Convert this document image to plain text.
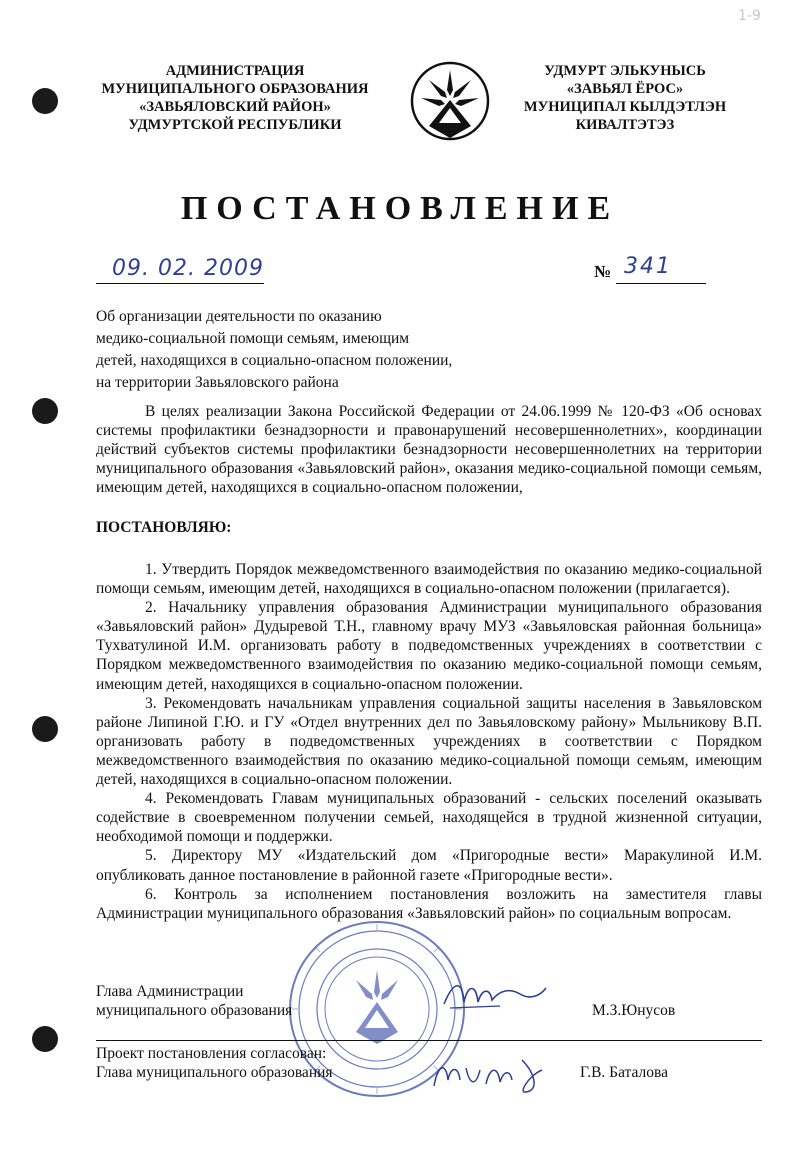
1-9
АДМИНИСТРАЦИЯ
МУНИЦИПАЛЬНОГО ОБРАЗОВАНИЯ
«ЗАВЬЯЛОВСКИЙ РАЙОН»
УДМУРТСКОЙ РЕСПУБЛИКИ
УДМУРТ ЭЛЬКУНЫСЬ
«ЗАВЬЯЛ ЁРОС»
МУНИЦИПАЛ КЫЛДЭТЛЭН
КИВАЛТЭТЭЗ
ПОСТАНОВЛЕНИЕ
09. 02. 2009	№ 341
Об организации деятельности по оказанию
медико-социальной помощи семьям, имеющим
детей, находящихся в социально-опасном положении,
на территории Завьяловского района
В целях реализации Закона Российской Федерации от 24.06.1999 № 120-ФЗ «Об основах системы профилактики безнадзорности и правонарушений несовершеннолетних», координации действий субъектов системы профилактики безнадзорности несовершеннолетних на территории муниципального образования «Завьяловский район», оказания медико-социальной помощи семьям, имеющим детей, находящихся в социально-опасном положении,
ПОСТАНОВЛЯЮ:
1. Утвердить Порядок межведомственного взаимодействия по оказанию медико-социальной помощи семьям, имеющим детей, находящихся в социально-опасном положении (прилагается).
2. Начальнику управления образования Администрации муниципального образования «Завьяловский район» Дудыревой Т.Н., главному врачу МУЗ «Завьяловская районная больница» Тухватулиной И.М. организовать работу в подведомственных учреждениях в соответствии с Порядком межведомственного взаимодействия по оказанию медико-социальной помощи семьям, имеющим детей, находящихся в социально-опасном положении.
3. Рекомендовать начальникам управления социальной защиты населения в Завьяловском районе Липиной Г.Ю. и ГУ «Отдел внутренних дел по Завьяловскому району» Мыльникову В.П. организовать работу в подведомственных учреждениях в соответствии с Порядком межведомственного взаимодействия по оказанию медико-социальной помощи семьям, имеющим детей, находящихся в социально-опасном положении.
4. Рекомендовать Главам муниципальных образований - сельских поселений оказывать содействие в своевременном получении семьей, находящейся в трудной жизненной ситуации, необходимой помощи и поддержки.
5. Директору МУ «Издательский дом «Пригородные вести» Маракулиной И.М. опубликовать данное постановление в районной газете «Пригородные вести».
6. Контроль за исполнением постановления возложить на заместителя главы Администрации муниципального образования «Завьяловский район» по социальным вопросам.
Глава Администрации
муниципального образования	М.З.Юнусов
Проект постановления согласован:
Глава муниципального образования	Г.В. Баталова
